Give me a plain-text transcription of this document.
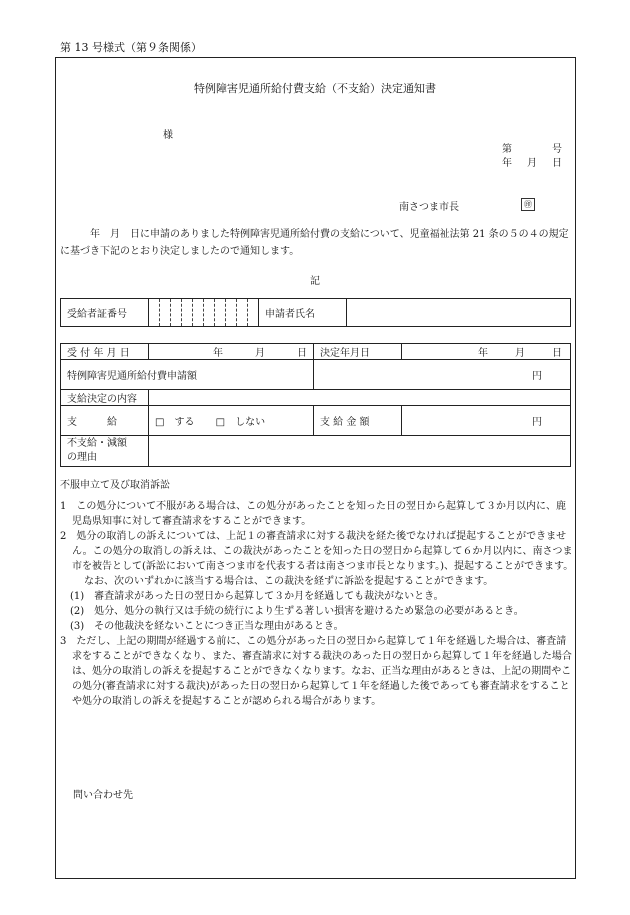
第 13 号様式（第９条関係）
特例障害児通所給付費支給（不支給）決定通知書
様
第	号
年 月 日
南さつま市長	㊞
年　月　日に申請のありました特例障害児通所給付費の支給について、児童福祉法第 21 条の５の４の規定に基づき下記のとおり決定しましたので通知します。
記
受給者証番号											申請者氏名	
受 付 年 月 日	年 月 日	決定年月日	年 月 日

特例障害児通所給付費申請額		円	
支給決定の内容			
支　　　給	□　する □　しない	支 給 金 額	円

不支給・減額
の理由			

不服申立て及び取消訴訟

1　この処分について不服がある場合は、この処分があったことを知った日の翌日から起算して３か月以内に、鹿児島県知事に対して審査請求をすることができます。

2　処分の取消しの訴えについては、上記１の審査請求に対する裁決を経た後でなければ提起することができません。この処分の取消しの訴えは、この裁決があったことを知った日の翌日から起算して６か月以内に、南さつま市を被告として(訴訟において南さつま市を代表する者は南さつま市長となります。)、提起することができます。

なお、次のいずれかに該当する場合は、この裁決を経ずに訴訟を提起することができます。

(1)　審査請求があった日の翌日から起算して３か月を経過しても裁決がないとき。

(2)　処分、処分の執行又は手続の続行により生ずる著しい損害を避けるため緊急の必要があるとき。

(3)　その他裁決を経ないことにつき正当な理由があるとき。

3　ただし、上記の期間が経過する前に、この処分があった日の翌日から起算して１年を経過した場合は、審査請求をすることができなくなり、また、審査請求に対する裁決のあった日の翌日から起算して１年を経過した場合は、処分の取消しの訴えを提起することができなくなります。なお、正当な理由があるときは、上記の期間やこの処分(審査請求に対する裁決)があった日の翌日から起算して１年を経過した後であっても審査請求をすることや処分の取消しの訴えを提起することが認められる場合があります。

問い合わせ先
